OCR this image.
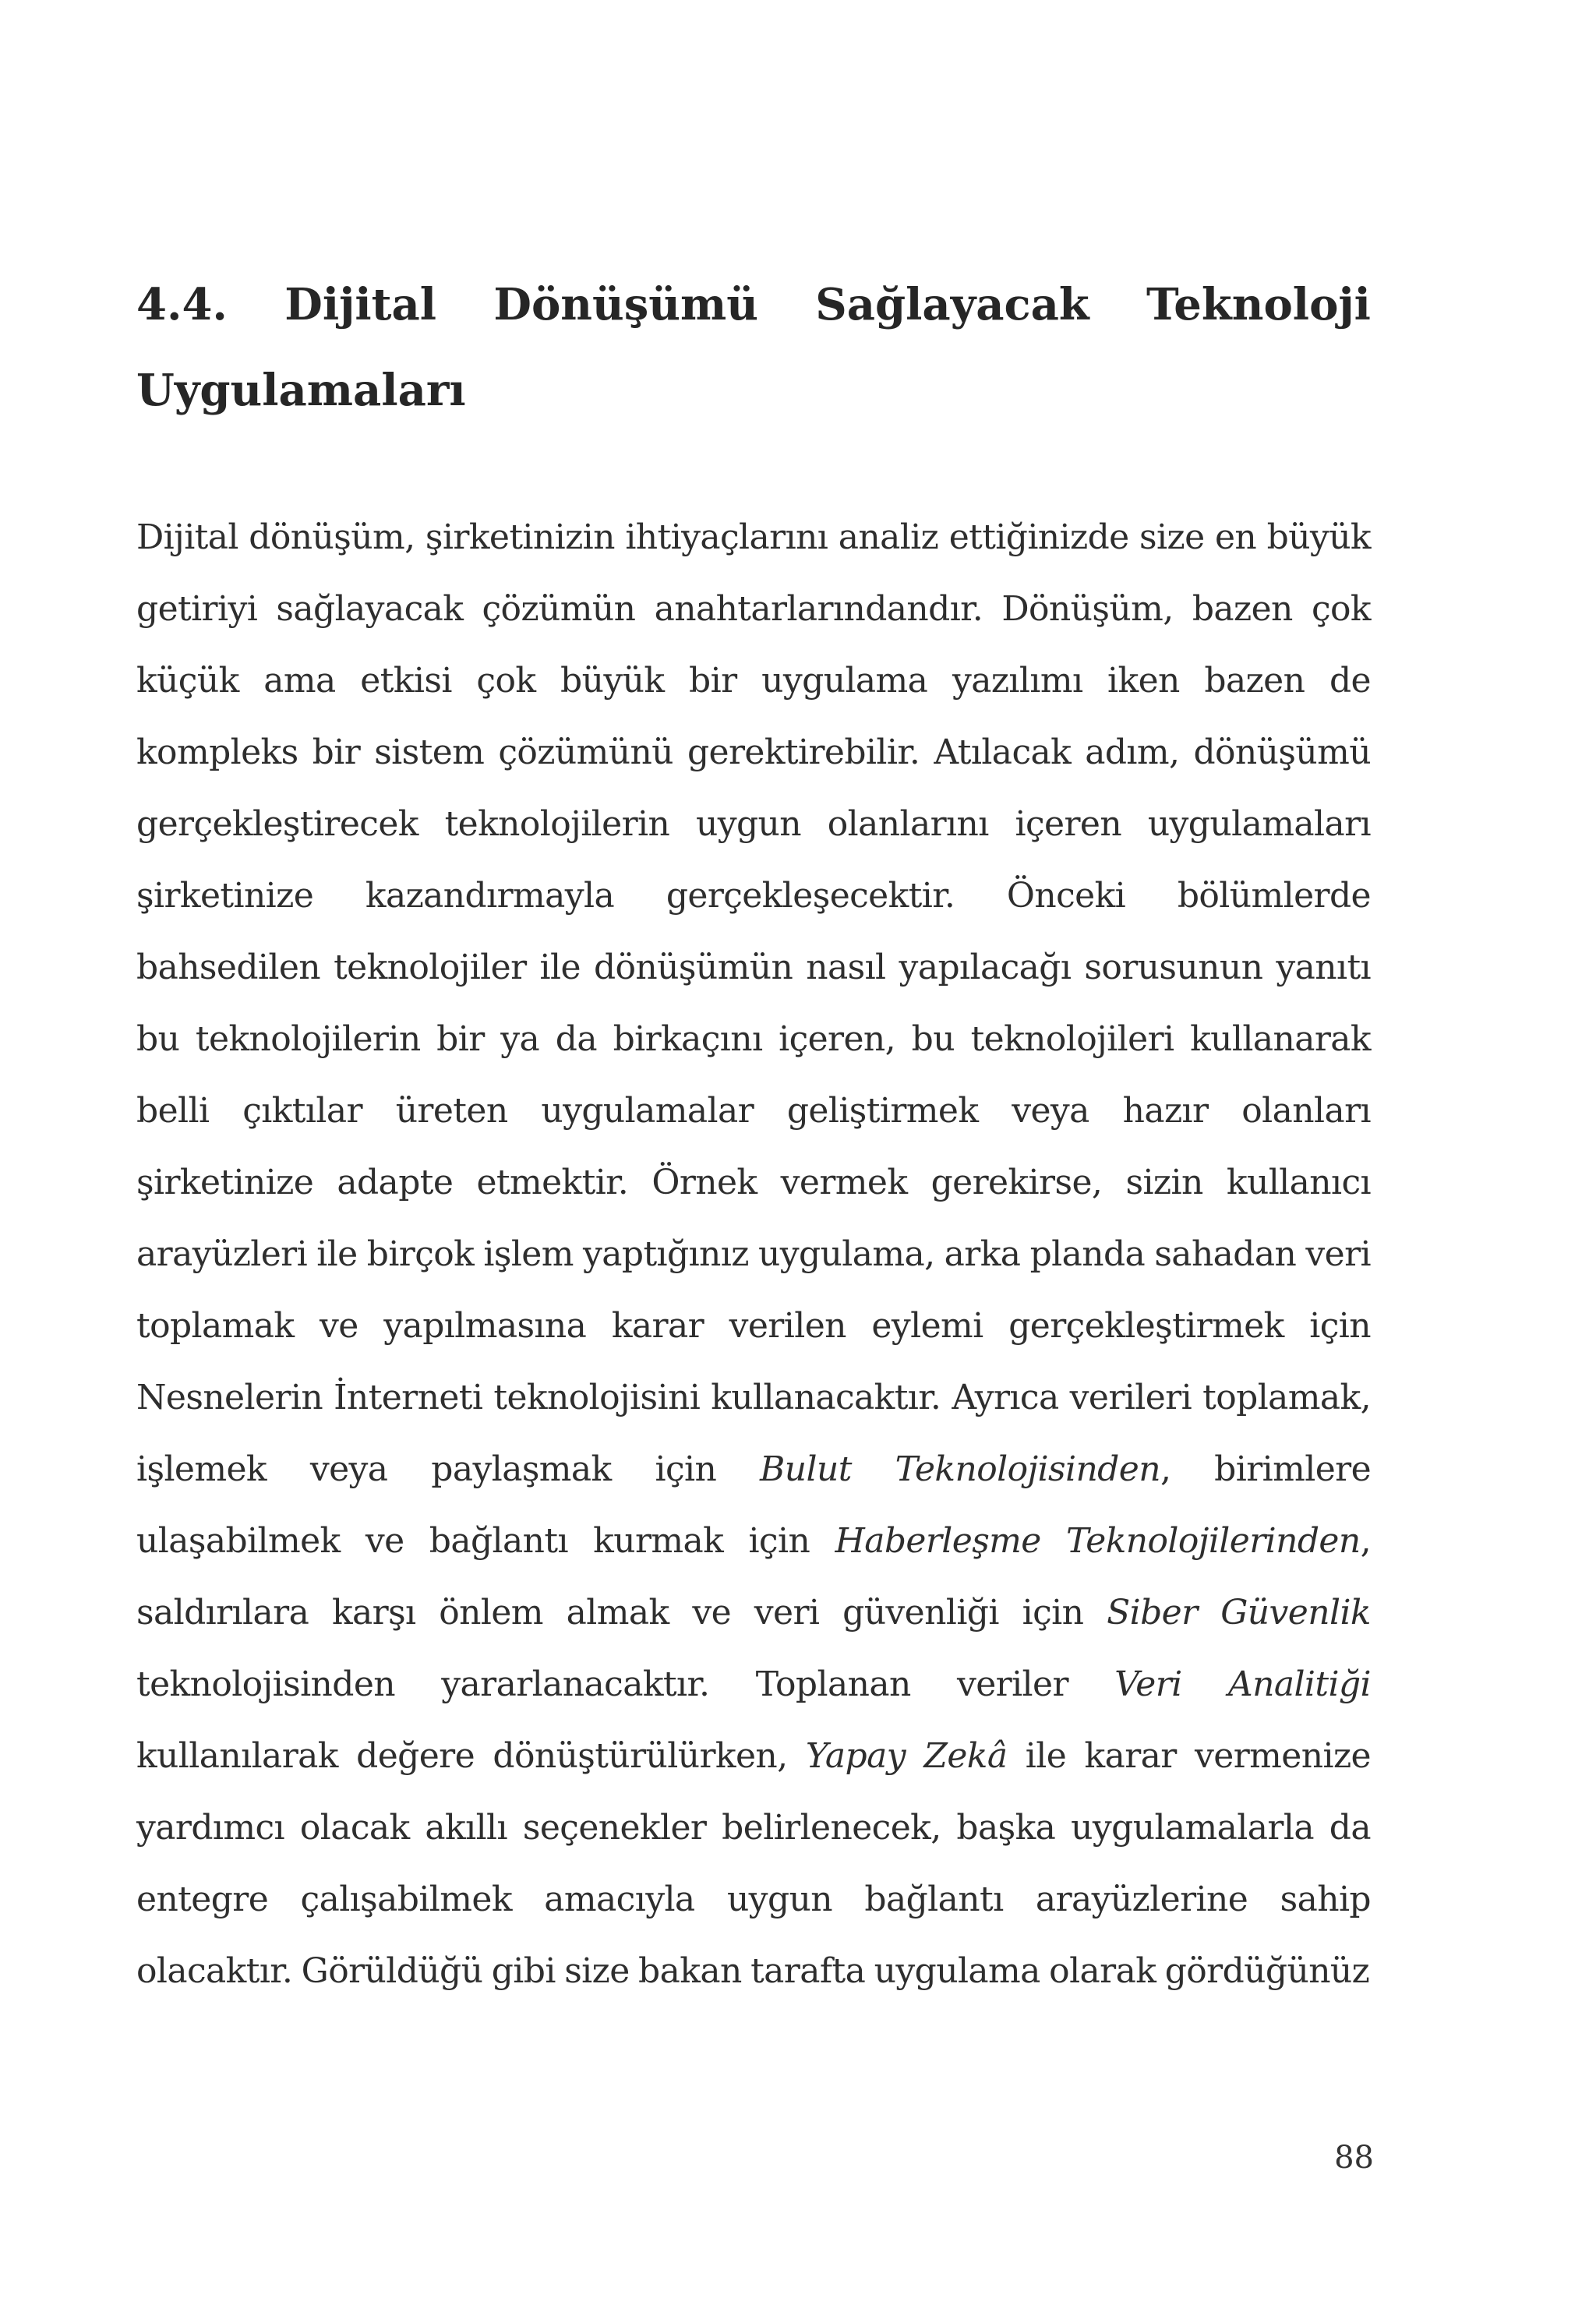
4.4. Dijital Dönüşümü Sağlayacak Teknoloji
Uygulamaları

Dijital dönüşüm, şirketinizin ihtiyaçlarını analiz ettiğinizde size en büyük getiriyi sağlayacak çözümün anahtarlarındandır. Dönüşüm, bazen çok küçük ama etkisi çok büyük bir uygulama yazılımı iken bazen de kompleks bir sistem çözümünü gerektirebilir. Atılacak adım, dönüşümü gerçekleştirecek teknolojilerin uygun olanlarını içeren uygulamaları şirketinize kazandırmayla gerçekleşecektir. Önceki bölümlerde bahsedilen teknolojiler ile dönüşümün nasıl yapılacağı sorusunun yanıtı bu teknolojilerin bir ya da birkaçını içeren, bu teknolojileri kullanarak belli çıktılar üreten uygulamalar geliştirmek veya hazır olanları şirketinize adapte etmektir. Örnek vermek gerekirse, sizin kullanıcı arayüzleri ile birçok işlem yaptığınız uygulama, arka planda sahadan veri toplamak ve yapılmasına karar verilen eylemi gerçekleştirmek için Nesnelerin İnterneti teknolojisini kullanacaktır. Ayrıca verileri toplamak, işlemek veya paylaşmak için Bulut Teknolojisinden, birimlere ulaşabilmek ve bağlantı kurmak için Haberleşme Teknolojilerinden, saldırılara karşı önlem almak ve veri güvenliği için Siber Güvenlik teknolojisinden yararlanacaktır. Toplanan veriler Veri Analitiği kullanılarak değere dönüştürülürken, Yapay Zekâ ile karar vermenize yardımcı olacak akıllı seçenekler belirlenecek, başka uygulamalarla da entegre çalışabilmek amacıyla uygun bağlantı arayüzlerine sahip olacaktır. Görüldüğü gibi size bakan tarafta uygulama olarak gördüğünüz

88
